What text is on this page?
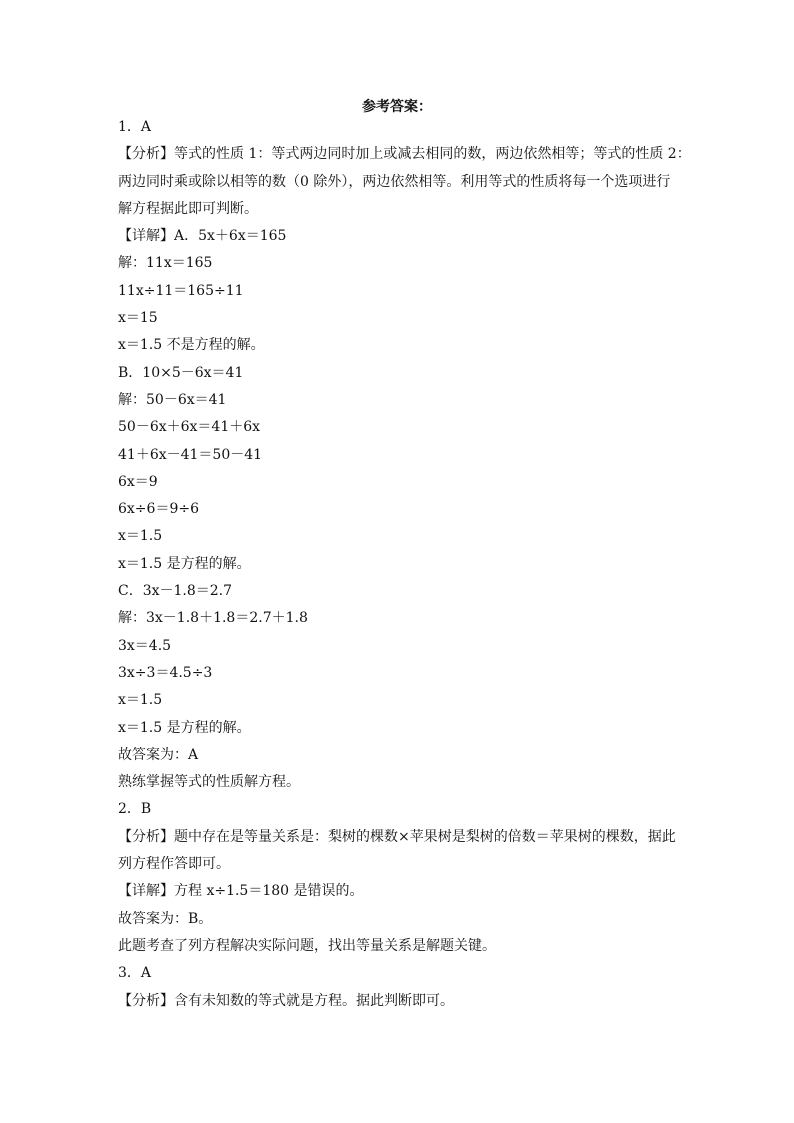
参考答案：
1．A
【分析】等式的性质 1：等式两边同时加上或减去相同的数，两边依然相等；等式的性质 2：
两边同时乘或除以相等的数（0 除外），两边依然相等。利用等式的性质将每一个选项进行
解方程据此即可判断。
【详解】A．5x＋6x＝165
解：11x＝165
11x÷11＝165÷11
x＝15
x＝1.5 不是方程的解。
B．10×5－6x＝41
解：50－6x＝41
50－6x＋6x＝41＋6x
41＋6x－41＝50－41
6x＝9
6x÷6＝9÷6
x＝1.5
x＝1.5 是方程的解。
C．3x－1.8＝2.7
解：3x－1.8＋1.8＝2.7＋1.8
3x＝4.5
3x÷3＝4.5÷3
x＝1.5
x＝1.5 是方程的解。
故答案为：A
熟练掌握等式的性质解方程。
2．B
【分析】题中存在是等量关系是：梨树的棵数×苹果树是梨树的倍数＝苹果树的棵数，据此
列方程作答即可。
【详解】方程 x÷1.5＝180 是错误的。
故答案为：B。
此题考查了列方程解决实际问题，找出等量关系是解题关键。
3．A
【分析】含有未知数的等式就是方程。据此判断即可。
